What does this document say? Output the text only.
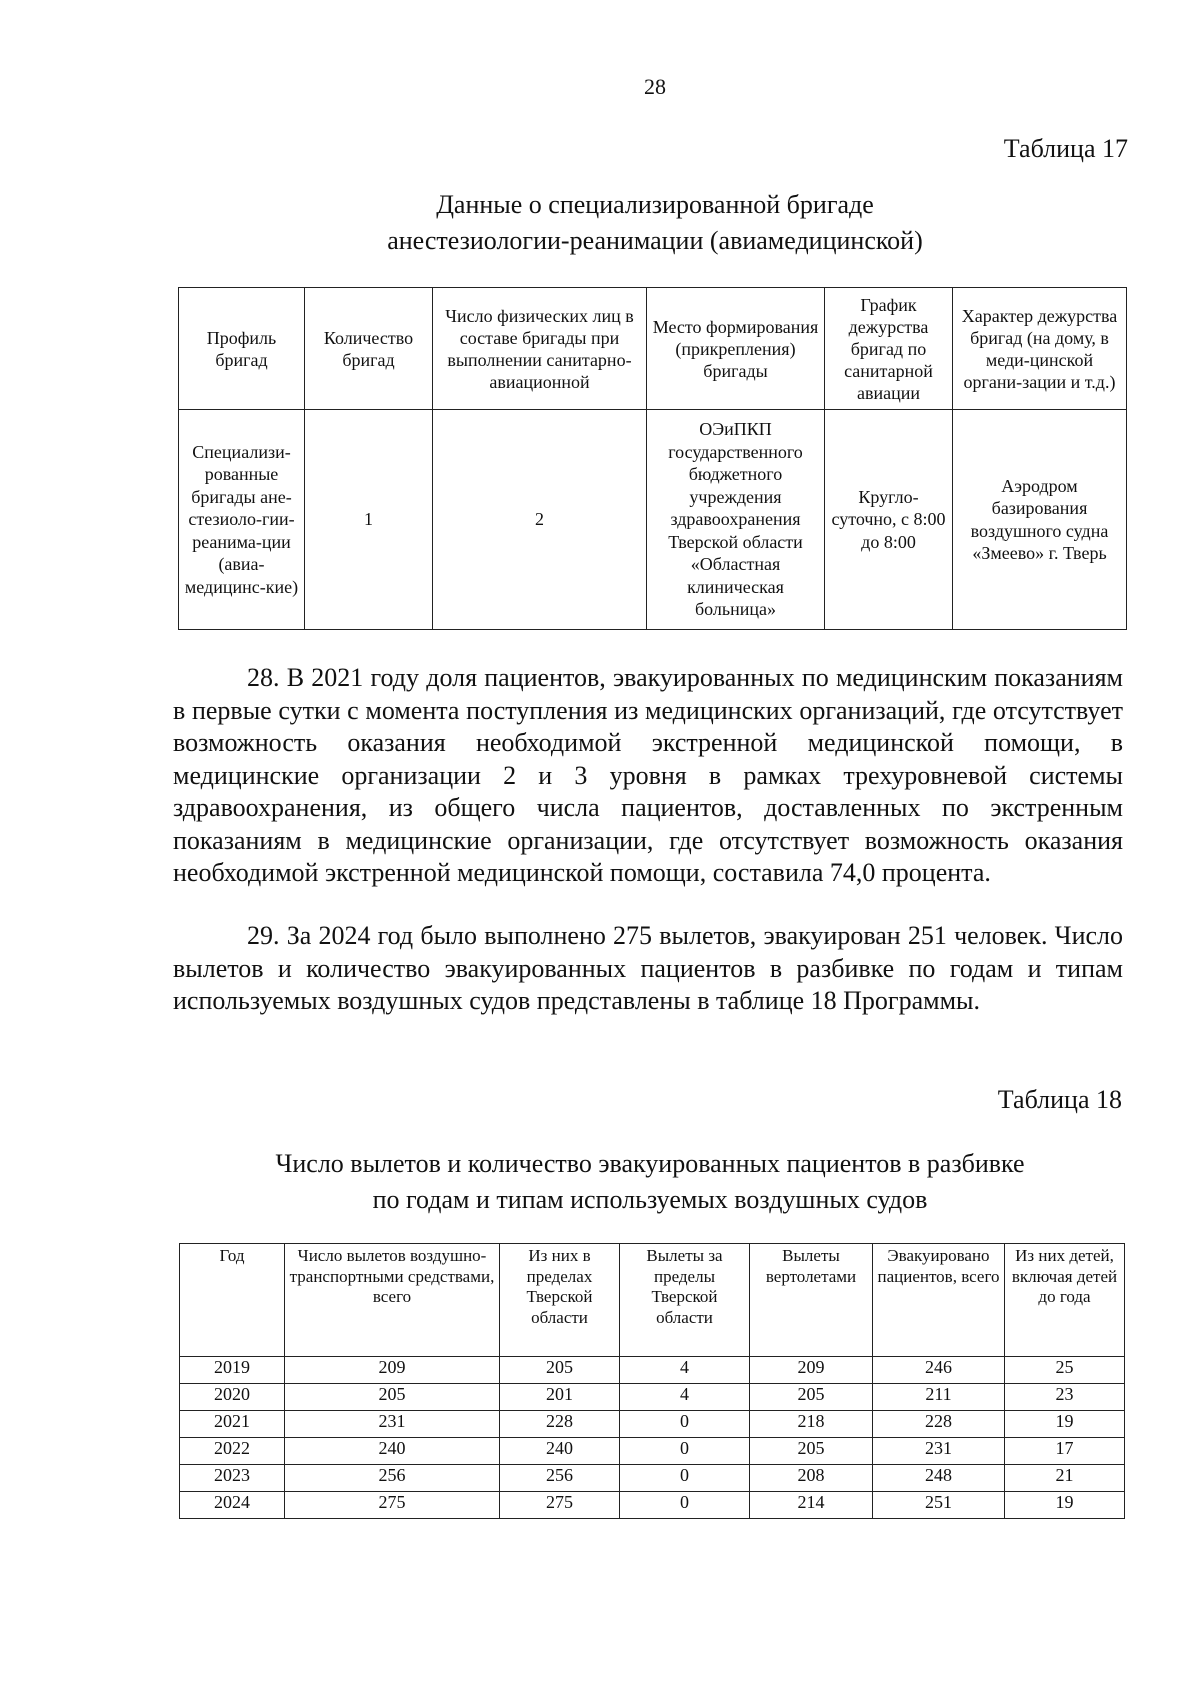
28
Таблица 17
Данные о специализированной бригаде
анестезиологии-реанимации (авиамедицинской)
Профиль бригад	Количество бригад	Число физических лиц в составе бригады при выполнении санитарно-авиационной	Место формирования (прикрепления) бригады	График дежурства бригад по санитарной авиации	Характер дежурства бригад (на дому, в меди-цинской органи-зации и т.д.)
Специализи-рованные бригады ане-стезиоло-гии-реанима-ции (авиа-медицинс-кие)	1	2	ОЭиПКП государственного бюджетного учреждения здравоохранения Тверской области «Областная клиническая больница»	Кругло-суточно, с 8:00 до 8:00	Аэродром базирования воздушного судна «Змеево» г. Тверь

28. В 2021 году доля пациентов, эвакуированных по медицинским показаниям в первые сутки с момента поступления из медицинских организаций, где отсутствует возможность оказания необходимой экстренной медицинской помощи, в медицинские организации 2 и 3 уровня в рамках трехуровневой системы здравоохранения, из общего числа пациентов, доставленных по экстренным показаниям в медицинские организации, где отсутствует возможность оказания необходимой экстренной медицинской помощи, составила 74,0 процента.

29. За 2024 год было выполнено 275 вылетов, эвакуирован 251 человек. Число вылетов и количество эвакуированных пациентов в разбивке по годам и типам используемых воздушных судов представлены в таблице 18 Программы.

Таблица 18
Число вылетов и количество эвакуированных пациентов в разбивке
по годам и типам используемых воздушных судов
Год	Число вылетов воздушно-транспортными средствами, всего	Из них в пределах Тверской области	Вылеты за пределы Тверской области	Вылеты вертолетами	Эвакуировано пациентов, всего	Из них детей, включая детей до года
2019	209	205	4	209	246	25
2020	205	201	4	205	211	23
2021	231	228	0	218	228	19
2022	240	240	0	205	231	17
2023	256	256	0	208	248	21
2024	275	275	0	214	251	19
